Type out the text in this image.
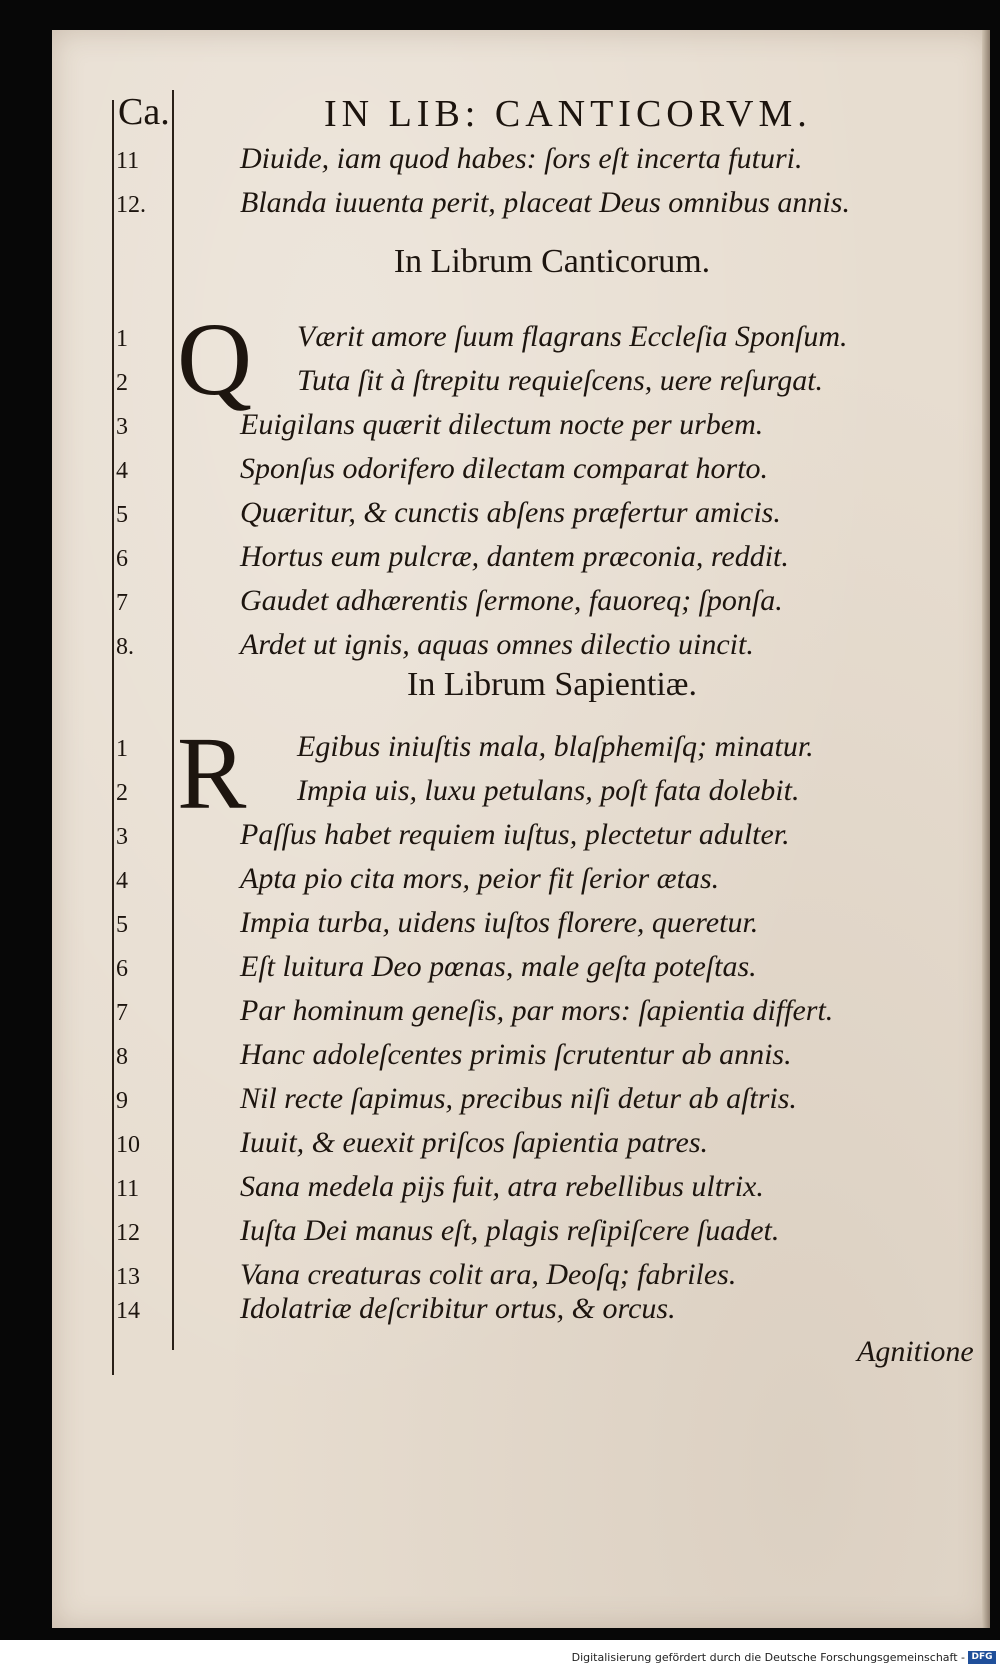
Ca.	IN LIB: CANTICORVM.
11	Diuide, iam quod habes: ſors eſt incerta futuri.
12.	Blanda iuuenta perit, placeat Deus omnibus annis.
In Librum Canticorum.
Q
1	Værit amore ſuum flagrans Eccleſia Sponſum.
2	Tuta ſit à ſtrepitu requieſcens, uere reſurgat.
3	Euigilans quærit dilectum nocte per urbem.
4	Sponſus odorifero dilectam comparat horto.
5	Quæritur, & cunctis abſens præfertur amicis.
6	Hortus eum pulcræ, dantem præconia, reddit.
7	Gaudet adhærentis ſermone, fauoreq; ſponſa.
8.	Ardet ut ignis, aquas omnes dilectio uincit.
In Librum Sapientiæ.
R
1	Egibus iniuſtis mala, blaſphemiſq; minatur.
2	Impia uis, luxu petulans, poſt fata dolebit.
3	Paſſus habet requiem iuſtus, plectetur adulter.
4	Apta pio cita mors, peior fit ſerior ætas.
5	Impia turba, uidens iuſtos florere, queretur.
6	Eſt luitura Deo pœnas, male geſta poteſtas.
7	Par hominum geneſis, par mors: ſapientia differt.
8	Hanc adoleſcentes primis ſcrutentur ab annis.
9	Nil recte ſapimus, precibus niſi detur ab aſtris.
10	Iuuit, & euexit priſcos ſapientia patres.
11	Sana medela pijs fuit, atra rebellibus ultrix.
12	Iuſta Dei manus eſt, plagis reſipiſcere ſuadet.
13	Vana creaturas colit ara, Deoſq; fabriles.
14	Idolatriæ deſcribitur ortus, & orcus.
Agnitione
Digitalisierung gefördert durch die Deutsche Forschungsgemeinschaft - DFG
